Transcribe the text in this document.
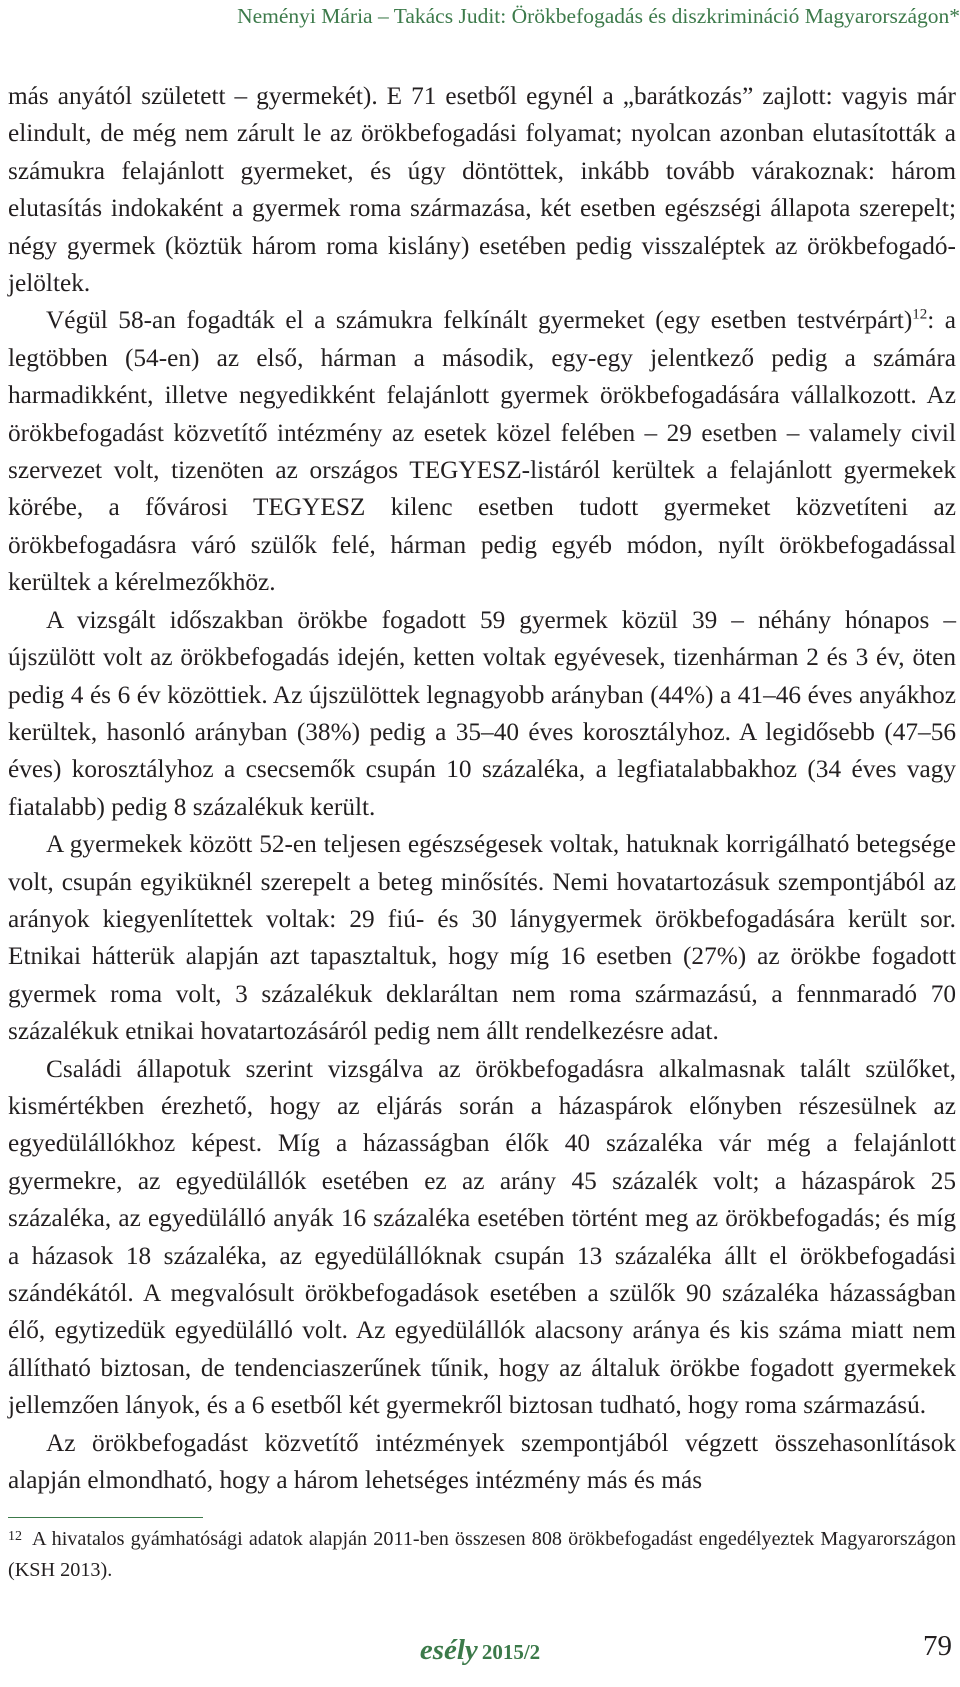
Neményi Mária – Takács Judit: Örökbefogadás és diszkrimináció Magyarországon*

más anyától született – gyermekét). E 71 esetből egynél a „barátkozás” zajlott: vagyis már elindult, de még nem zárult le az örökbefogadási folyamat; nyolcan azonban elutasították a számukra felajánlott gyermeket, és úgy döntöttek, inkább tovább várakoznak: három elutasítás indokaként a gyermek roma származása, két esetben egészségi állapota szerepelt; négy gyermek (köztük három roma kislány) esetében pedig visszaléptek az örökbefogadó-jelöltek.

Végül 58-an fogadták el a számukra felkínált gyermeket (egy esetben testvérpárt)$^{12}$: a legtöbben (54-en) az első, hárman a második, egy-egy jelentkező pedig a számára harmadikként, illetve negyedikként felajánlott gyermek örökbefogadására vállalkozott. Az örökbefogadást közvetítő intézmény az esetek közel felében – 29 esetben – valamely civil szervezet volt, tizenöten az országos TEGYESZ-listáról kerültek a felajánlott gyermekek körébe, a fővárosi TEGYESZ kilenc esetben tudott gyermeket közvetíteni az örökbefogadásra váró szülők felé, hárman pedig egyéb módon, nyílt örökbefogadással kerültek a kérelmezőkhöz.

A vizsgált időszakban örökbe fogadott 59 gyermek közül 39 – néhány hónapos – újszülött volt az örökbefogadás idején, ketten voltak egyévesek, tizenhárman 2 és 3 év, öten pedig 4 és 6 év közöttiek. Az újszülöttek legnagyobb arányban (44%) a 41–46 éves anyákhoz kerültek, hasonló arányban (38%) pedig a 35–40 éves korosztályhoz. A legidősebb (47–56 éves) korosztályhoz a csecsemők csupán 10 százaléka, a legfiatalabbakhoz (34 éves vagy fiatalabb) pedig 8 százalékuk került.

A gyermekek között 52-en teljesen egészségesek voltak, hatuknak korrigálható betegsége volt, csupán egyiküknél szerepelt a beteg minősítés. Nemi hovatartozásuk szempontjából az arányok kiegyenlítettek voltak: 29 fiú- és 30 lánygyermek örökbefogadására került sor. Etnikai hátterük alapján azt tapasztaltuk, hogy míg 16 esetben (27%) az örökbe fogadott gyermek roma volt, 3 százalékuk deklaráltan nem roma származású, a fennmaradó 70 százalékuk etnikai hovatartozásáról pedig nem állt rendelkezésre adat.

Családi állapotuk szerint vizsgálva az örökbefogadásra alkalmasnak talált szülőket, kismértékben érezhető, hogy az eljárás során a házaspárok előnyben részesülnek az egyedülállókhoz képest. Míg a házasságban élők 40 százaléka vár még a felajánlott gyermekre, az egyedülállók esetében ez az arány 45 százalék volt; a házaspárok 25 százaléka, az egyedülálló anyák 16 százaléka esetében történt meg az örökbefogadás; és míg a házasok 18 százaléka, az egyedülállóknak csupán 13 százaléka állt el örökbefogadási szándékától. A megvalósult örökbefogadások esetében a szülők 90 százaléka házasságban élő, egytizedük egyedülálló volt. Az egyedülállók alacsony aránya és kis száma miatt nem állítható biztosan, de tendenciaszerűnek tűnik, hogy az általuk örökbe fogadott gyermekek jellemzően lányok, és a 6 esetből két gyermekről biztosan tudható, hogy roma származású.

Az örökbefogadást közvetítő intézmények szempontjából végzett összehasonlítások alapján elmondható, hogy a három lehetséges intézmény más és más

$^{12}$ A hivatalos gyámhatósági adatok alapján 2011-ben összesen 808 örökbefogadást engedélyeztek Magyarországon (KSH 2013).
esély 2015/2	79
